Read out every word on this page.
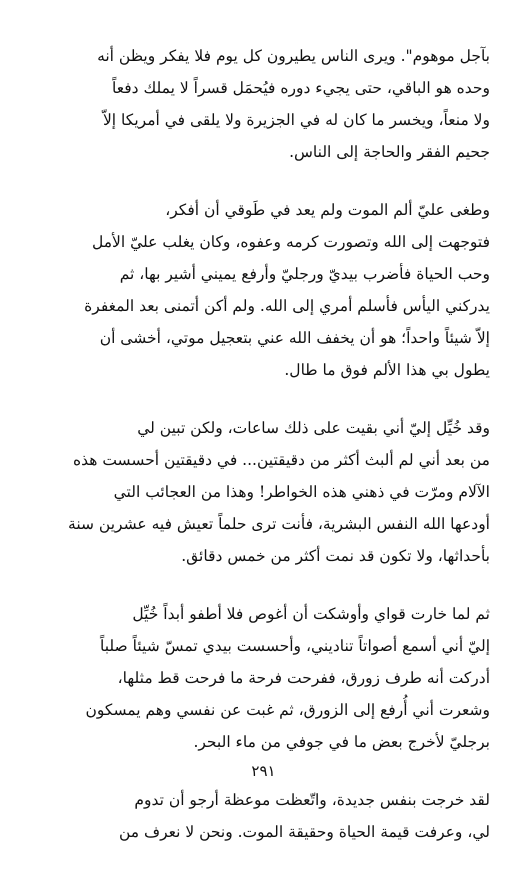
بآجل موهوم". ويرى الناس يطيرون كل يوم فلا يفكر ويظن أنه
وحده هو الباقي، حتى يجيء دوره فيُحمَل قسراً لا يملك دفعاً
ولا منعاً، ويخسر ما كان له في الجزيرة ولا يلقى في أمريكا إلاّ
جحيم الفقر والحاجة إلى الناس.

وطغى عليّ ألم الموت ولم يعد في طَوقي أن أفكر،
فتوجهت إلى الله وتصورت كرمه وعفوه، وكان يغلب عليّ الأمل
وحب الحياة فأضرب بيديّ ورجليّ وأرفع يميني أشير بها، ثم
يدركني اليأس فأسلم أمري إلى الله. ولم أكن أتمنى بعد المغفرة
إلاّ شيئاً واحداً؛ هو أن يخفف الله عني بتعجيل موتي، أخشى أن
يطول بي هذا الألم فوق ما طال.

وقد خُيِّل إليّ أني بقيت على ذلك ساعات، ولكن تبين لي
من بعد أني لم ألبث أكثر من دقيقتين... في دقيقتين أحسست هذه
الآلام ومرّت في ذهني هذه الخواطر! وهذا من العجائب التي
أودعها الله النفس البشرية، فأنت ترى حلماً تعيش فيه عشرين سنة
بأحداثها، ولا تكون قد نمت أكثر من خمس دقائق.

ثم لما خارت قواي وأوشكت أن أغوص فلا أطفو أبداً خُيِّل
إليّ أني أسمع أصواتاً تناديني، وأحسست بيدي تمسّ شيئاً صلباً
أدركت أنه طرف زورق، ففرحت فرحة ما فرحت قط مثلها،
وشعرت أني أُرفع إلى الزورق، ثم غبت عن نفسي وهم يمسكون
برجليّ لأخرج بعض ما في جوفي من ماء البحر.

لقد خرجت بنفس جديدة، واتّعظت موعظة أرجو أن تدوم
لي، وعرفت قيمة الحياة وحقيقة الموت. ونحن لا نعرف من

٢٩١
